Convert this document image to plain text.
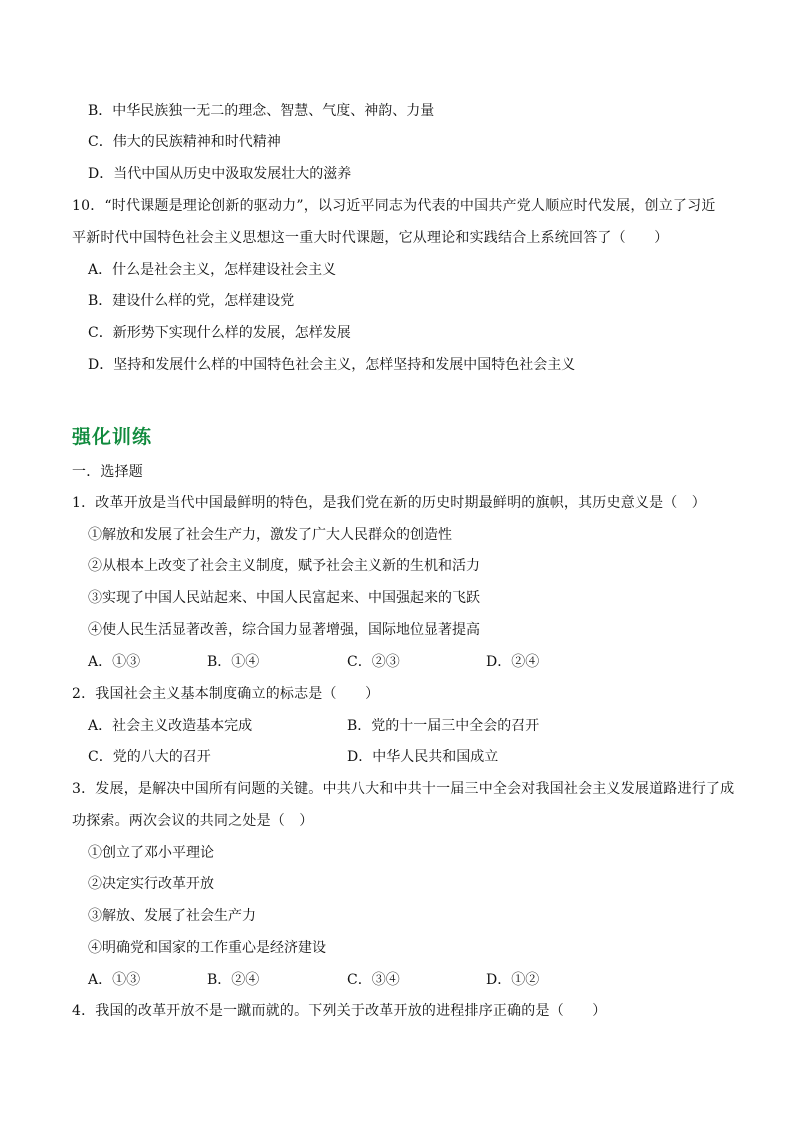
B．中华民族独一无二的理念、智慧、气度、神韵、力量
C．伟大的民族精神和时代精神
D．当代中国从历史中汲取发展壮大的滋养
10．“时代课题是理论创新的驱动力”，以习近平同志为代表的中国共产党人顺应时代发展，创立了习近
平新时代中国特色社会主义思想这一重大时代课题，它从理论和实践结合上系统回答了（　　）
A．什么是社会主义，怎样建设社会主义
B．建设什么样的党，怎样建设党
C．新形势下实现什么样的发展，怎样发展
D．坚持和发展什么样的中国特色社会主义，怎样坚持和发展中国特色社会主义
强化训练
一．选择题
1．改革开放是当代中国最鲜明的特色，是我们党在新的历史时期最鲜明的旗帜，其历史意义是（　）
①解放和发展了社会生产力，激发了广大人民群众的创造性
②从根本上改变了社会主义制度，赋予社会主义新的生机和活力
③实现了中国人民站起来、中国人民富起来、中国强起来的飞跃
④使人民生活显著改善，综合国力显著增强，国际地位显著提高
A．①③	B．①④	C．②③	D．②④
2．我国社会主义基本制度确立的标志是（　　）
A．社会主义改造基本完成	B．党的十一届三中全会的召开
C．党的八大的召开	D．中华人民共和国成立
3．发展，是解决中国所有问题的关键。中共八大和中共十一届三中全会对我国社会主义发展道路进行了成
功探索。两次会议的共同之处是（　）
①创立了邓小平理论
②决定实行改革开放
③解放、发展了社会生产力
④明确党和国家的工作重心是经济建设
A．①③	B．②④	C．③④	D．①②
4．我国的改革开放不是一蹴而就的。下列关于改革开放的进程排序正确的是（　　）
